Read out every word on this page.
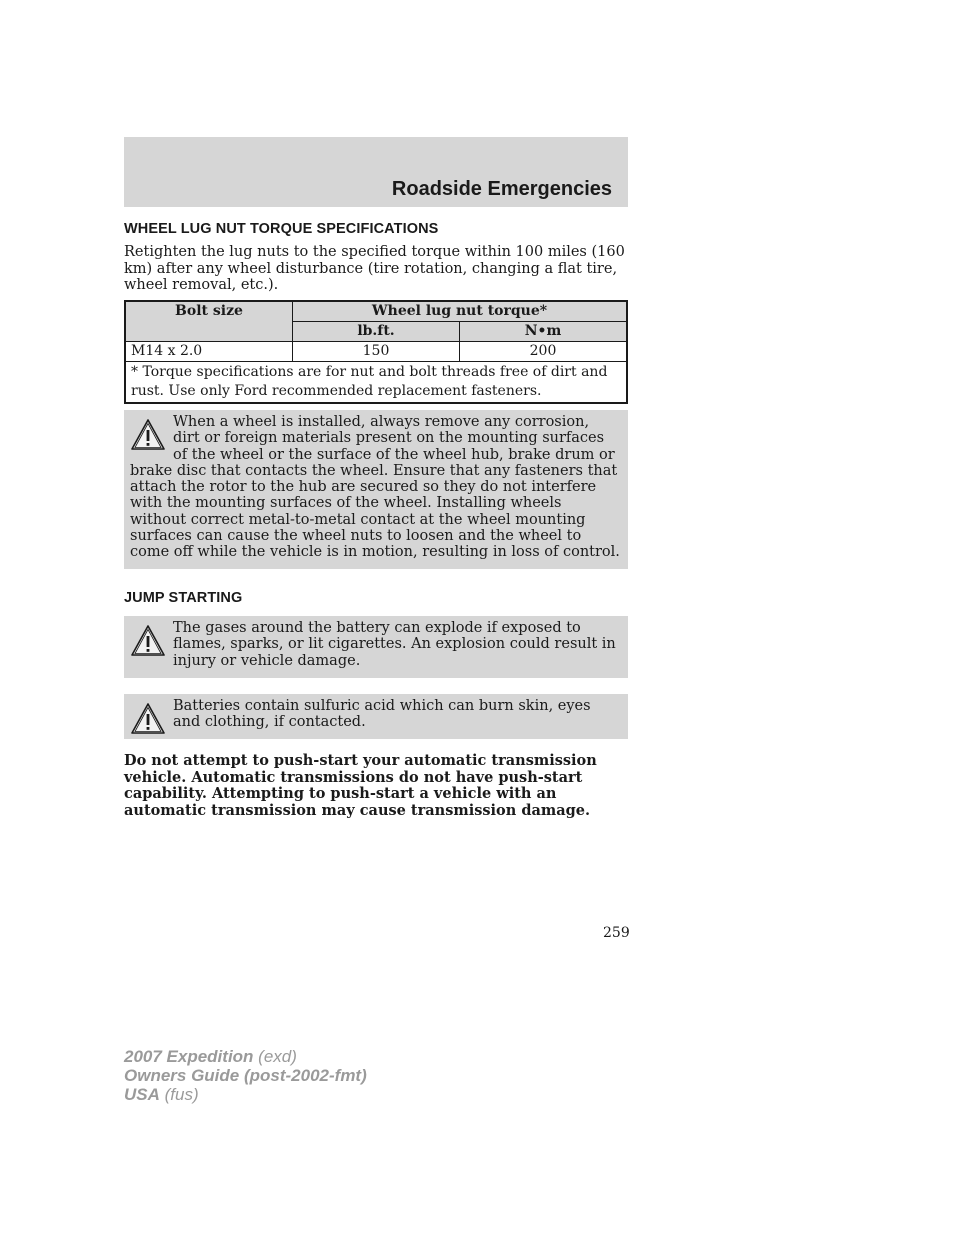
Roadside Emergencies
WHEEL LUG NUT TORQUE SPECIFICATIONS
Retighten the lug nuts to the specified torque within 100 miles (160 km) after any wheel disturbance (tire rotation, changing a flat tire, wheel removal, etc.).
Bolt size	Wheel lug nut torque*	
	lb.ft.	N•m
M14 x 2.0	150	200
* Torque specifications are for nut and bolt threads free of dirt and rust. Use only Ford recommended replacement fasteners.		
When a wheel is installed, always remove any corrosion, dirt or foreign materials present on the mounting surfaces of the wheel or the surface of the wheel hub, brake drum or brake disc that contacts the wheel. Ensure that any fasteners that attach the rotor to the hub are secured so they do not interfere with the mounting surfaces of the wheel. Installing wheels without correct metal-to-metal contact at the wheel mounting surfaces can cause the wheel nuts to loosen and the wheel to come off while the vehicle is in motion, resulting in loss of control.
JUMP STARTING
The gases around the battery can explode if exposed to flames, sparks, or lit cigarettes. An explosion could result in injury or vehicle damage.
Batteries contain sulfuric acid which can burn skin, eyes and clothing, if contacted.
Do not attempt to push-start your automatic transmission vehicle. Automatic transmissions do not have push-start capability. Attempting to push-start a vehicle with an automatic transmission may cause transmission damage.
259
2007 Expedition (exd)
Owners Guide (post-2002-fmt)
USA (fus)
